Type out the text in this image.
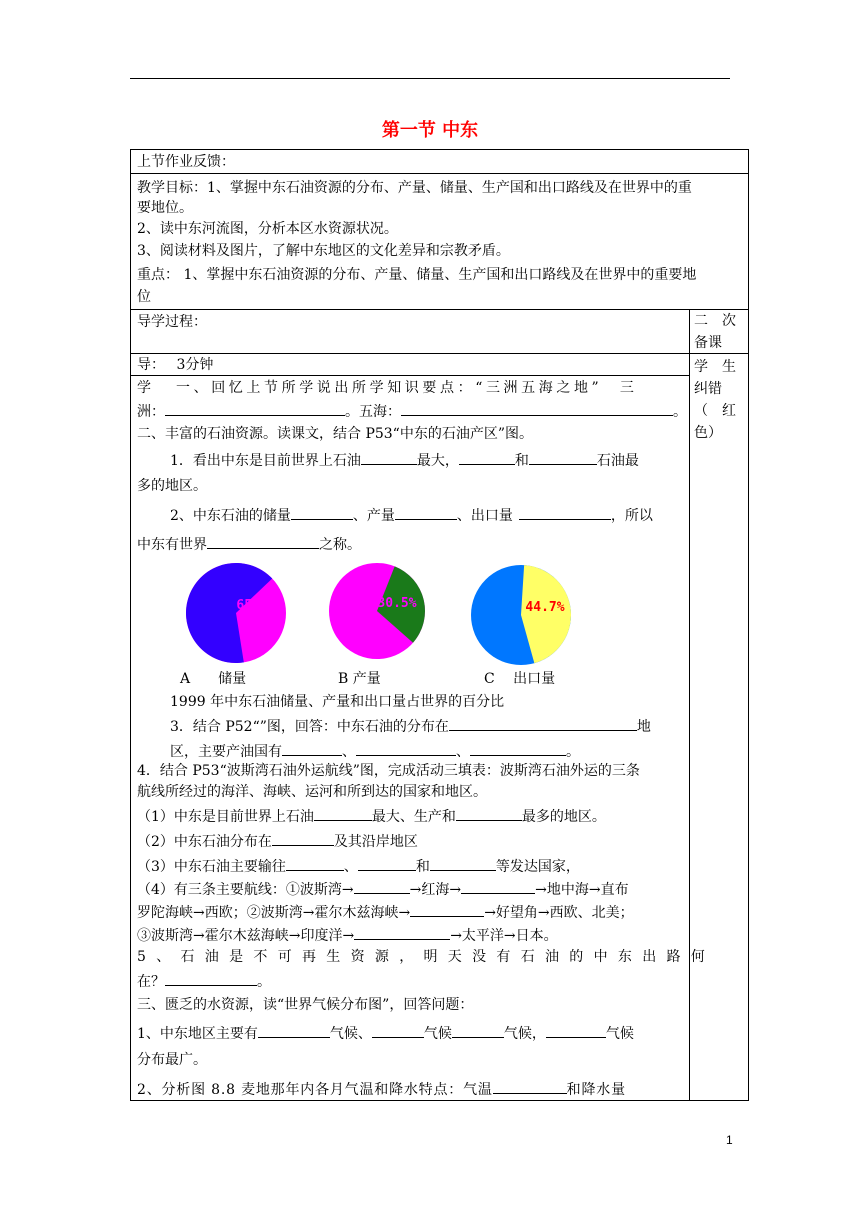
第一节 中东
上节作业反馈：
教学目标：1、掌握中东石油资源的分布、产量、储量、生产国和出口路线及在世界中的重
要地位。
2、读中东河流图，分析本区水资源状况。
3、阅读材料及图片，了解中东地区的文化差异和宗教矛盾。
重点： 1、掌握中东石油资源的分布、产量、储量、生产国和出口路线及在世界中的重要地
位
导学过程：	二　次
备课
导：　 3分钟	学　生
纠错
（　红
色）
学 一、回忆上节所学说出所学知识要点：“三洲五海之地”　三
洲：	。五海：	。
二、丰富的石油资源。读课文，结合 P53“中东的石油产区”图。
1．看出中东是目前世界上石油	最大，	和	石油最
多的地区。
2、中东石油的储量	、产量	、出口量	，所以
中东有世界	之称。
65.4%	30.5%	44.7%
A　　储量	B 产量	C　 出口量
1999 年中东石油储量、产量和出口量占世界的百分比
3．结合 P52“”图，回答：中东石油的分布在	地
区，主要产油国有	、	、	。
4．结合 P53“波斯湾石油外运航线”图，完成活动三填表：波斯湾石油外运的三条
航线所经过的海洋、海峡、运河和所到达的国家和地区。
（1）中东是目前世界上石油	最大、生产和	最多的地区。
（2）中东石油分布在	及其沿岸地区
（3）中东石油主要输往	、	和	等发达国家，
（4）有三条主要航线：①波斯湾→	→红海→	→地中海→直布
罗陀海峡→西欧；②波斯湾→霍尔木兹海峡→	→好望角→西欧、北美；
③波斯湾→霍尔木兹海峡→印度洋→	→太平洋→日本。
5、石油是不可再生资源，明天没有石油的中东出路何
在？	。
三、匮乏的水资源，读“世界气候分布图”，回答问题：
1、中东地区主要有	气候、	气候	气候，	气候
分布最广。
2、分析图 8.8 麦地那年内各月气温和降水特点：气温	和降水量
1
